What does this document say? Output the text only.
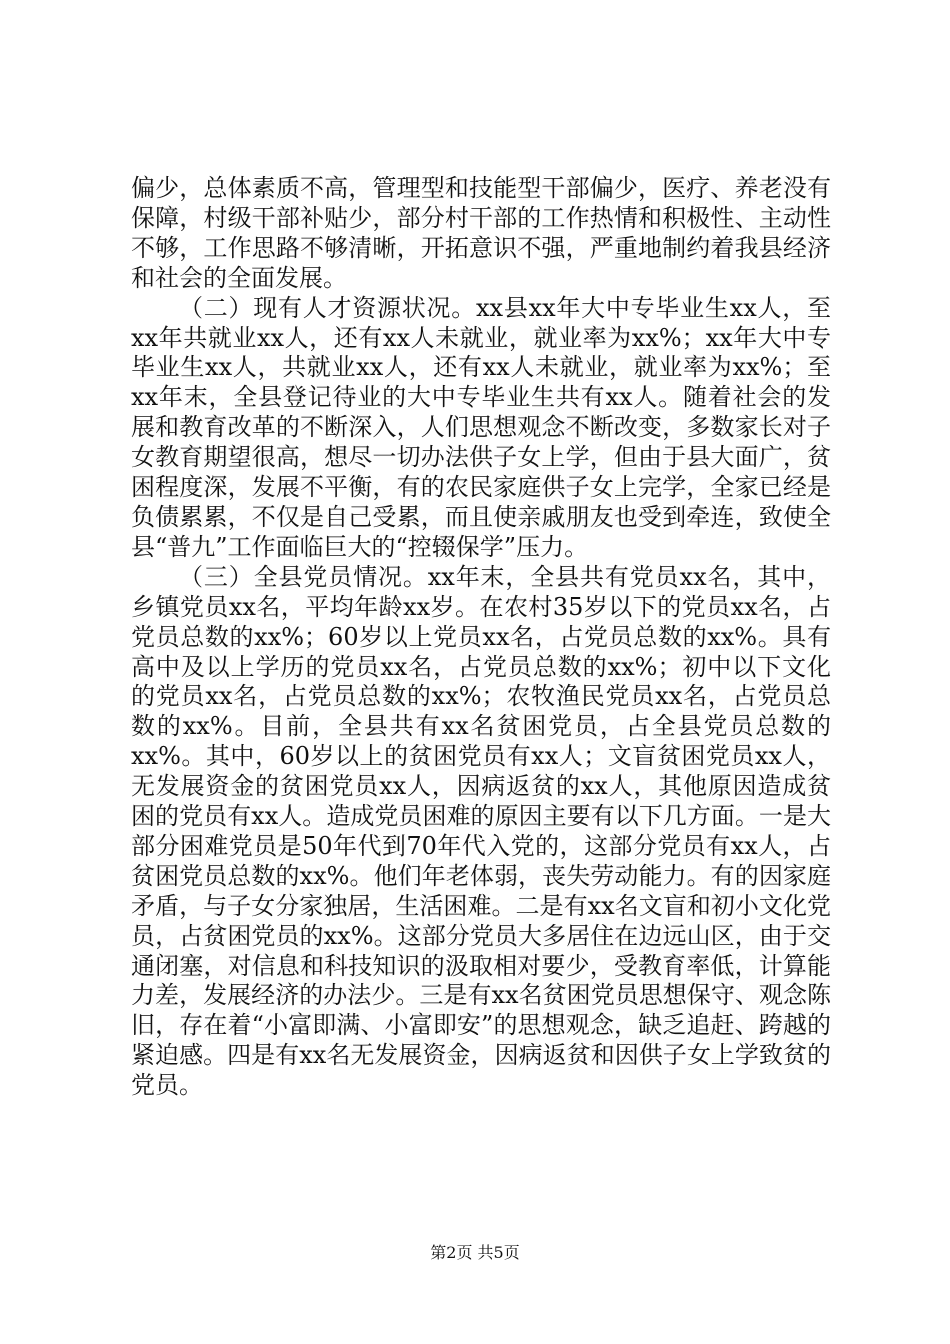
偏少，总体素质不高，管理型和技能型干部偏少，医疗、养老没有保障，村级干部补贴少，部分村干部的工作热情和积极性、主动性不够，工作思路不够清晰，开拓意识不强，严重地制约着我县经济和社会的全面发展。

（二）现有人才资源状况。xx县xx年大中专毕业生xx人，至xx年共就业xx人，还有xx人未就业，就业率为xx%；xx年大中专毕业生xx人，共就业xx人，还有xx人未就业，就业率为xx%；至xx年末，全县登记待业的大中专毕业生共有xx人。随着社会的发展和教育改革的不断深入，人们思想观念不断改变，多数家长对子女教育期望很高，想尽一切办法供子女上学，但由于县大面广，贫困程度深，发展不平衡，有的农民家庭供子女上完学，全家已经是负债累累，不仅是自己受累，而且使亲戚朋友也受到牵连，致使全县“普九”工作面临巨大的“控辍保学”压力。

（三）全县党员情况。xx年末，全县共有党员xx名，其中，乡镇党员xx名，平均年龄xx岁。在农村35岁以下的党员xx名，占党员总数的xx%；60岁以上党员xx名，占党员总数的xx%。具有高中及以上学历的党员xx名，占党员总数的xx%；初中以下文化的党员xx名，占党员总数的xx%；农牧渔民党员xx名，占党员总数的xx%。目前，全县共有xx名贫困党员，占全县党员总数的xx%。其中，60岁以上的贫困党员有xx人；文盲贫困党员xx人，无发展资金的贫困党员xx人，因病返贫的xx人，其他原因造成贫困的党员有xx人。造成党员困难的原因主要有以下几方面。一是大部分困难党员是50年代到70年代入党的，这部分党员有xx人，占贫困党员总数的xx%。他们年老体弱，丧失劳动能力。有的因家庭矛盾，与子女分家独居，生活困难。二是有xx名文盲和初小文化党员，占贫困党员的xx%。这部分党员大多居住在边远山区，由于交通闭塞，对信息和科技知识的汲取相对要少，受教育率低，计算能力差，发展经济的办法少。三是有xx名贫困党员思想保守、观念陈旧，存在着“小富即满、小富即安”的思想观念，缺乏追赶、跨越的紧迫感。四是有xx名无发展资金，因病返贫和因供子女上学致贫的党员。

第2页 共5页
